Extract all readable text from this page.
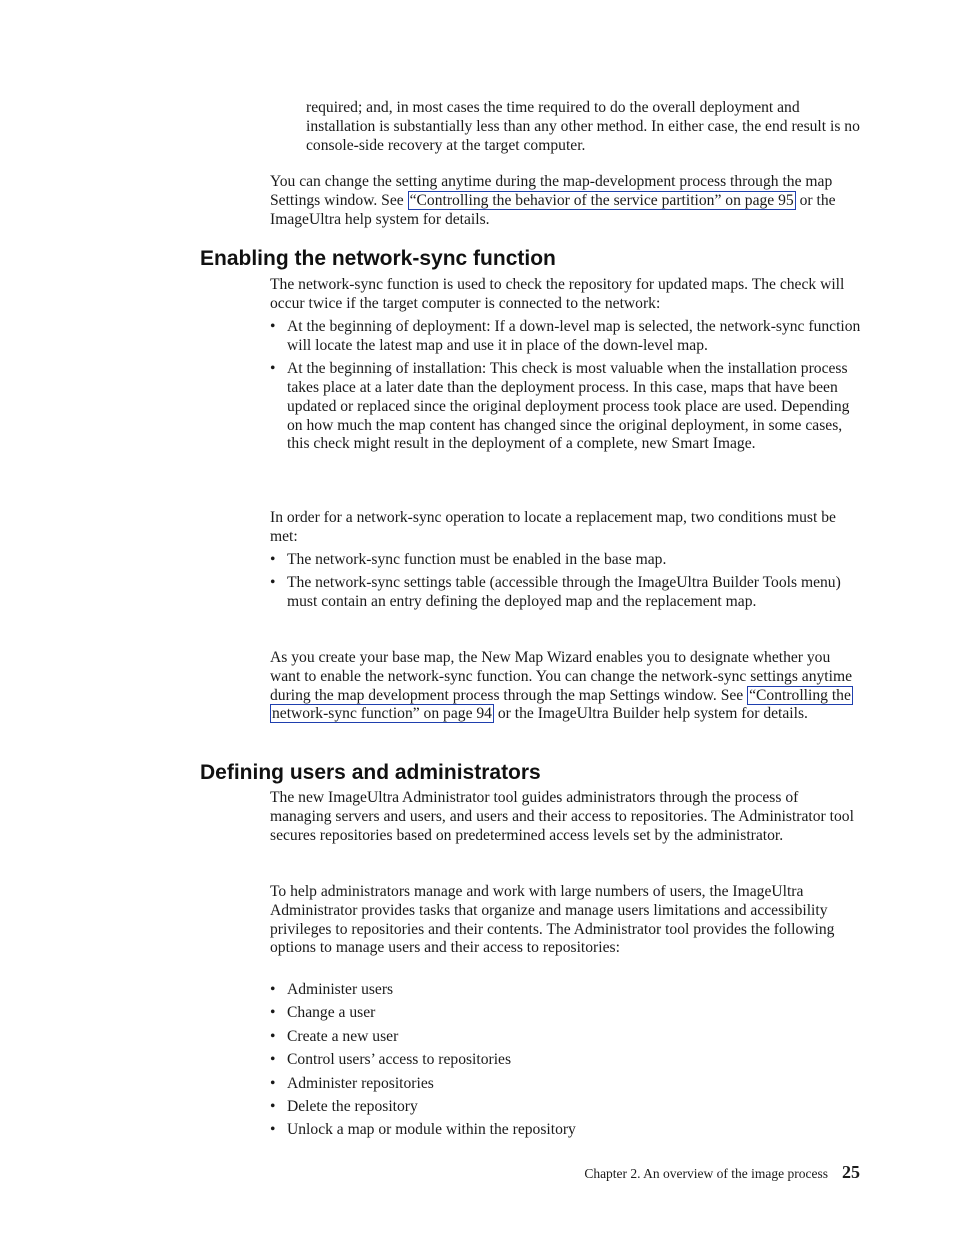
required; and, in most cases the time required to do the overall deployment and installation is substantially less than any other method. In either case, the end result is no console-side recovery at the target computer.

You can change the setting anytime during the map-development process through the map Settings window. See “Controlling the behavior of the service partition” on page 95 or the ImageUltra help system for details.

Enabling the network-sync function

The network-sync function is used to check the repository for updated maps. The check will occur twice if the target computer is connected to the network:

• At the beginning of deployment: If a down-level map is selected, the network-sync function will locate the latest map and use it in place of the down-level map.
• At the beginning of installation: This check is most valuable when the installation process takes place at a later date than the deployment process. In this case, maps that have been updated or replaced since the original deployment process took place are used. Depending on how much the map content has changed since the original deployment, in some cases, this check might result in the deployment of a complete, new Smart Image.

In order for a network-sync operation to locate a replacement map, two conditions must be met:

• The network-sync function must be enabled in the base map.
• The network-sync settings table (accessible through the ImageUltra Builder Tools menu) must contain an entry defining the deployed map and the replacement map.

As you create your base map, the New Map Wizard enables you to designate whether you want to enable the network-sync function. You can change the network-sync settings anytime during the map development process through the map Settings window. See “Controlling the network-sync function” on page 94 or the ImageUltra Builder help system for details.

Defining users and administrators

The new ImageUltra Administrator tool guides administrators through the process of managing servers and users, and users and their access to repositories. The Administrator tool secures repositories based on predetermined access levels set by the administrator.

To help administrators manage and work with large numbers of users, the ImageUltra Administrator provides tasks that organize and manage users limitations and accessibility privileges to repositories and their contents. The Administrator tool provides the following options to manage users and their access to repositories:

• Administer users
• Change a user
• Create a new user
• Control users’ access to repositories
• Administer repositories
• Delete the repository
• Unlock a map or module within the repository
Chapter 2. An overview of the image process 25
